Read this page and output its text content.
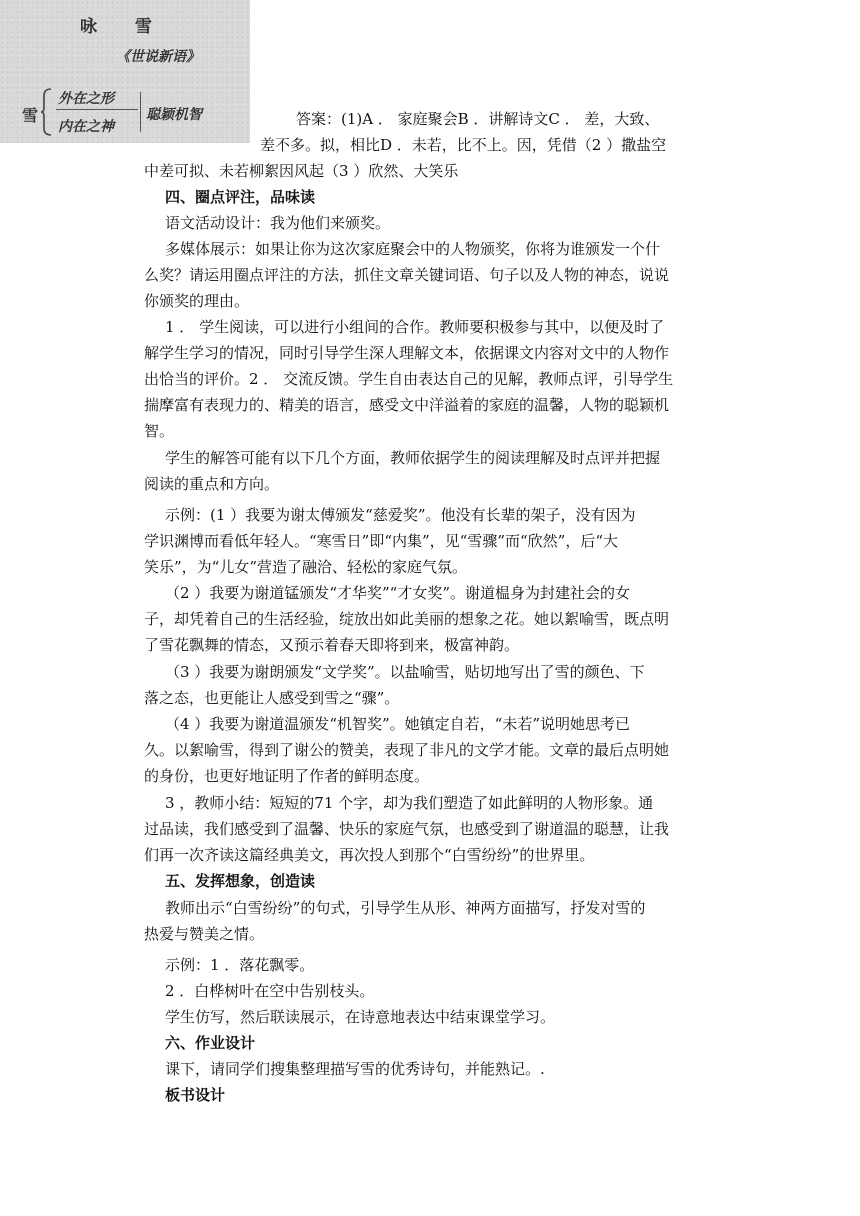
咏 雪
《世说新语》
雪
外在之形
内在之神
聪颖机智	答案：(1)A ． 家庭聚会B ．讲解诗文C ． 差，大致、
差不多。拟，相比D ．未若，比不上。因，凭借（2 ）撒盐空
中差可拟、未若柳絮因风起（3 ）欣然、大笑乐
四、圈点评注，品味读
语文活动设计：我为他们来颁奖。
多媒体展示：如果让你为这次家庭聚会中的人物颁奖，你将为谁颁发一个什
么奖？请运用圈点评注的方法，抓住文章关键词语、句子以及人物的神态，说说
你颁奖的理由。
1 ． 学生阅读，可以进行小组间的合作。教师要积极参与其中，以便及时了
解学生学习的情况，同时引导学生深人理解文本，依据课文内容对文中的人物作
出恰当的评价。2 ． 交流反馈。学生自由表达自己的见解，教师点评，引导学生
揣摩富有表现力的、精美的语言，感受文中洋溢着的家庭的温馨，人物的聪颖机
智。
学生的解答可能有以下几个方面，教师依据学生的阅读理解及时点评并把握
阅读的重点和方向。
示例：(1 ）我要为谢太傅颁发“慈爱奖”。他没有长辈的架子，没有因为
学识渊博而看低年轻人。“寒雪日”即“内集”，见“雪骤”而“欣然”，后“大
笑乐”，为“儿女”营造了融洽、轻松的家庭气氛。
（2 ）我要为谢道锰颁发“才华奖”“才女奖”。谢道榅身为封建社会的女
子，却凭着自己的生活经验，绽放出如此美丽的想象之花。她以絮喻雪，既点明
了雪花飘舞的情态，又预示着春天即将到来，极富神韵。
（3 ）我要为谢朗颁发“文学奖”。以盐喻雪，贴切地写出了雪的颜色、下
落之态，也更能让人感受到雪之“骤”。
（4 ）我要为谢道温颁发“机智奖”。她镇定自若，“未若”说明她思考已
久。以絮喻雪，得到了谢公的赞美，表现了非凡的文学才能。文章的最后点明她
的身份，也更好地证明了作者的鲜明态度。
3 ，教师小结：短短的71 个字，却为我们塑造了如此鲜明的人物形象。通
过品读，我们感受到了温馨、快乐的家庭气氛，也感受到了谢道温的聪慧，让我
们再一次齐读这篇经典美文，再次投人到那个“白雪纷纷”的世界里。
五、发挥想象，创造读
教师出示“白雪纷纷”的句式，引导学生从形、神两方面描写，抒发对雪的
热爱与赞美之情。
示例：1 ．落花飘零。
2 ．白桦树叶在空中告别枝头。
学生仿写，然后联读展示，在诗意地表达中结束课堂学习。
六、作业设计
课下，请同学们搜集整理描写雪的优秀诗句，并能熟记。.
板书设计
